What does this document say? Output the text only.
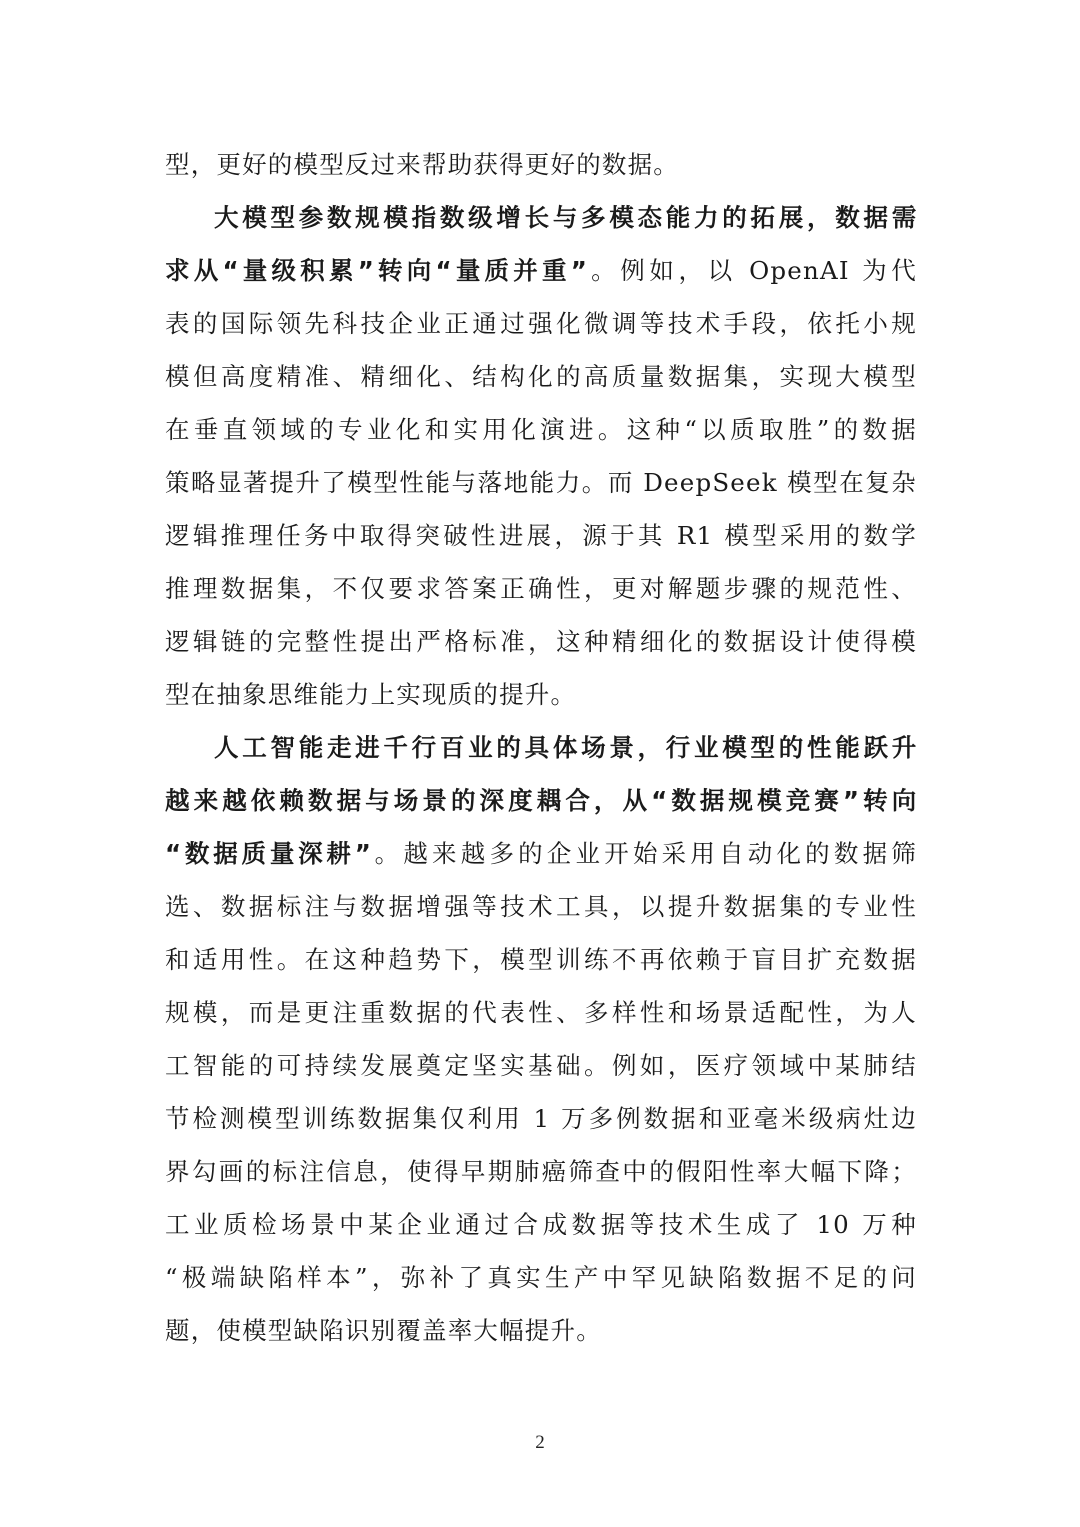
型，更好的模型反过来帮助获得更好的数据。
大模型参数规模指数级增长与多模态能力的拓展，数据需
求从“量级积累”转向“量质并重”。例如，以 OpenAI 为代
表的国际领先科技企业正通过强化微调等技术手段，依托小规
模但高度精准、精细化、结构化的高质量数据集，实现大模型
在垂直领域的专业化和实用化演进。这种“以质取胜”的数据
策略显著提升了模型性能与落地能力。而 DeepSeek 模型在复杂
逻辑推理任务中取得突破性进展，源于其 R1 模型采用的数学
推理数据集，不仅要求答案正确性，更对解题步骤的规范性、
逻辑链的完整性提出严格标准，这种精细化的数据设计使得模
型在抽象思维能力上实现质的提升。
人工智能走进千行百业的具体场景，行业模型的性能跃升
越来越依赖数据与场景的深度耦合，从“数据规模竞赛”转向
“数据质量深耕”。越来越多的企业开始采用自动化的数据筛
选、数据标注与数据增强等技术工具，以提升数据集的专业性
和适用性。在这种趋势下，模型训练不再依赖于盲目扩充数据
规模，而是更注重数据的代表性、多样性和场景适配性，为人
工智能的可持续发展奠定坚实基础。例如，医疗领域中某肺结
节检测模型训练数据集仅利用 1 万多例数据和亚毫米级病灶边
界勾画的标注信息，使得早期肺癌筛查中的假阳性率大幅下降；
工业质检场景中某企业通过合成数据等技术生成了 10 万种
“极端缺陷样本”，弥补了真实生产中罕见缺陷数据不足的问
题，使模型缺陷识别覆盖率大幅提升。
2
